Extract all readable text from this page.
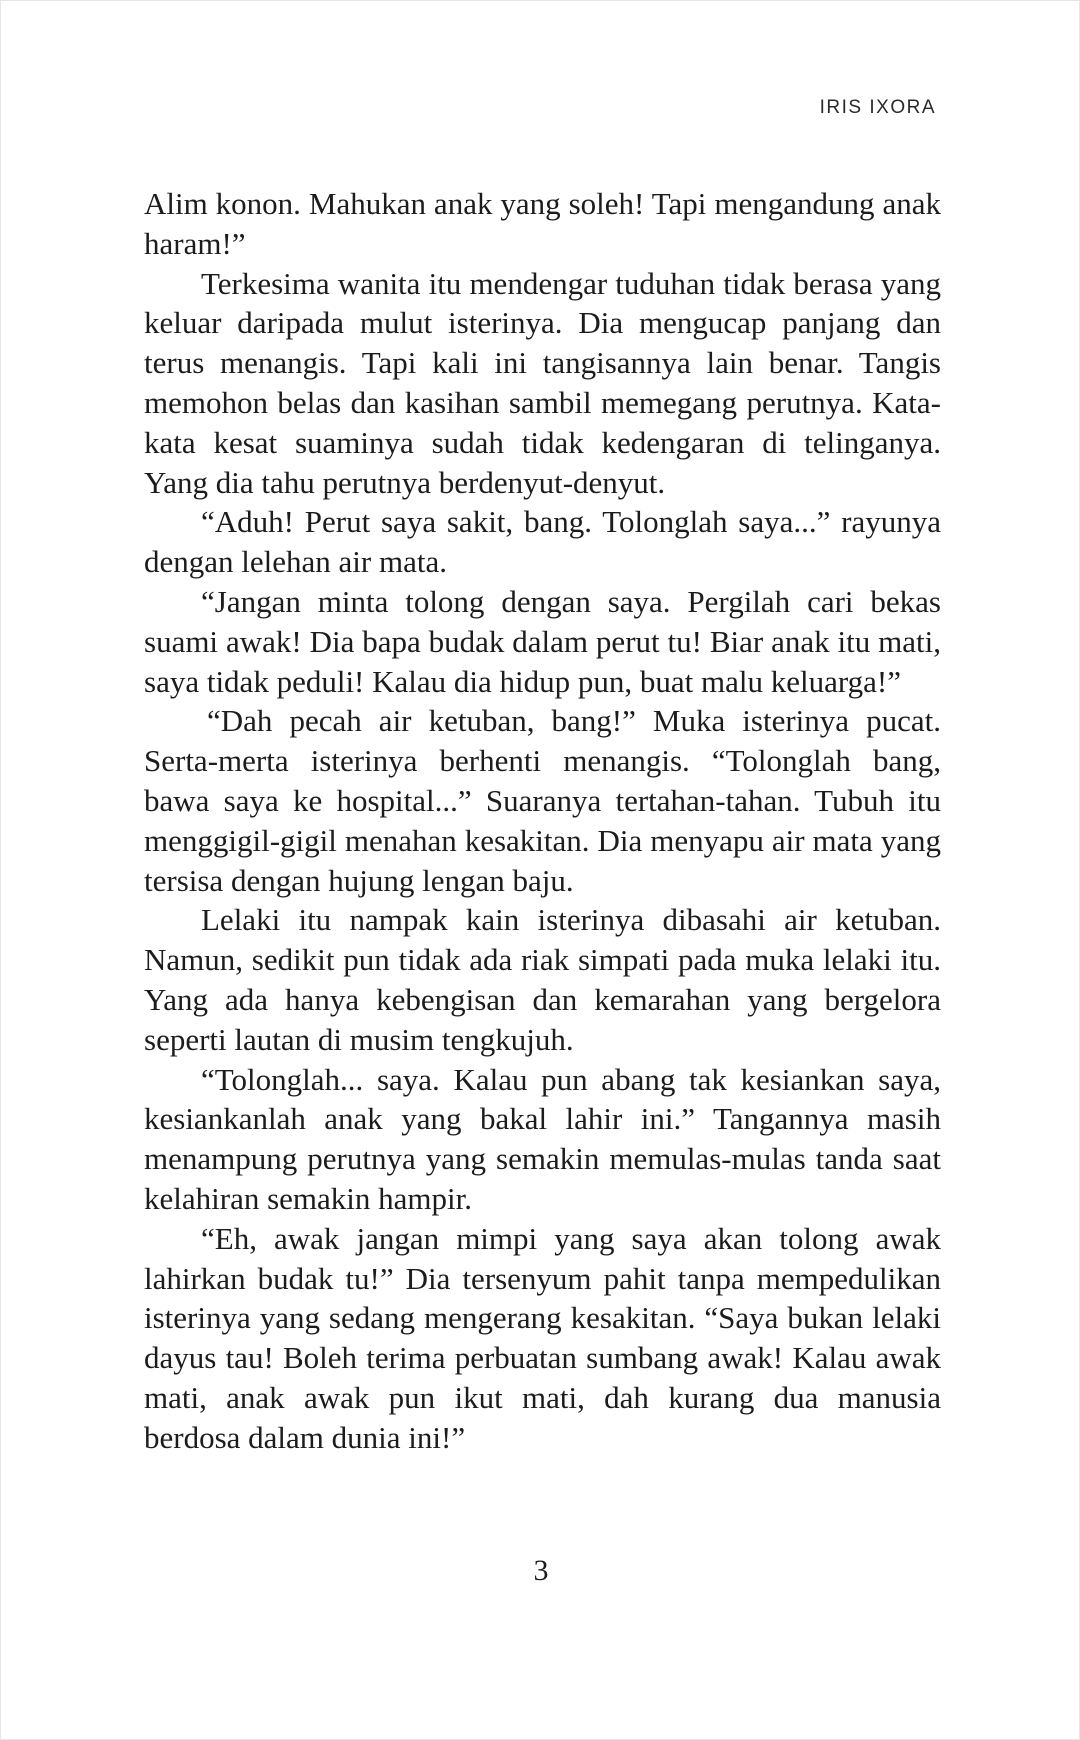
IRIS IXORA

Alim konon. Mahukan anak yang soleh! Tapi mengandung anak haram!”

Terkesima wanita itu mendengar tuduhan tidak berasa yang keluar daripada mulut isterinya. Dia mengucap panjang dan terus menangis. Tapi kali ini tangisannya lain benar. Tangis memohon belas dan kasihan sambil memegang perutnya. Kata-kata kesat suaminya sudah tidak kedengaran di telinganya. Yang dia tahu perutnya berdenyut-denyut.

“Aduh! Perut saya sakit, bang. Tolonglah saya...” rayunya dengan lelehan air mata.

“Jangan minta tolong dengan saya. Pergilah cari bekas suami awak! Dia bapa budak dalam perut tu! Biar anak itu mati, saya tidak peduli! Kalau dia hidup pun, buat malu keluarga!”

“Dah pecah air ketuban, bang!” Muka isterinya pucat. Serta-merta isterinya berhenti menangis. “Tolonglah bang, bawa saya ke hospital...” Suaranya tertahan-tahan. Tubuh itu menggigil-gigil menahan kesakitan. Dia menyapu air mata yang tersisa dengan hujung lengan baju.

Lelaki itu nampak kain isterinya dibasahi air ketuban. Namun, sedikit pun tidak ada riak simpati pada muka lelaki itu. Yang ada hanya kebengisan dan kemarahan yang bergelora seperti lautan di musim tengkujuh.

“Tolonglah... saya. Kalau pun abang tak kesiankan saya, kesiankanlah anak yang bakal lahir ini.” Tangannya masih menampung perutnya yang semakin memulas-mulas tanda saat kelahiran semakin hampir.

“Eh, awak jangan mimpi yang saya akan tolong awak lahirkan budak tu!” Dia tersenyum pahit tanpa mempedulikan isterinya yang sedang mengerang kesakitan. “Saya bukan lelaki dayus tau! Boleh terima perbuatan sumbang awak! Kalau awak mati, anak awak pun ikut mati, dah kurang dua manusia berdosa dalam dunia ini!”

3
